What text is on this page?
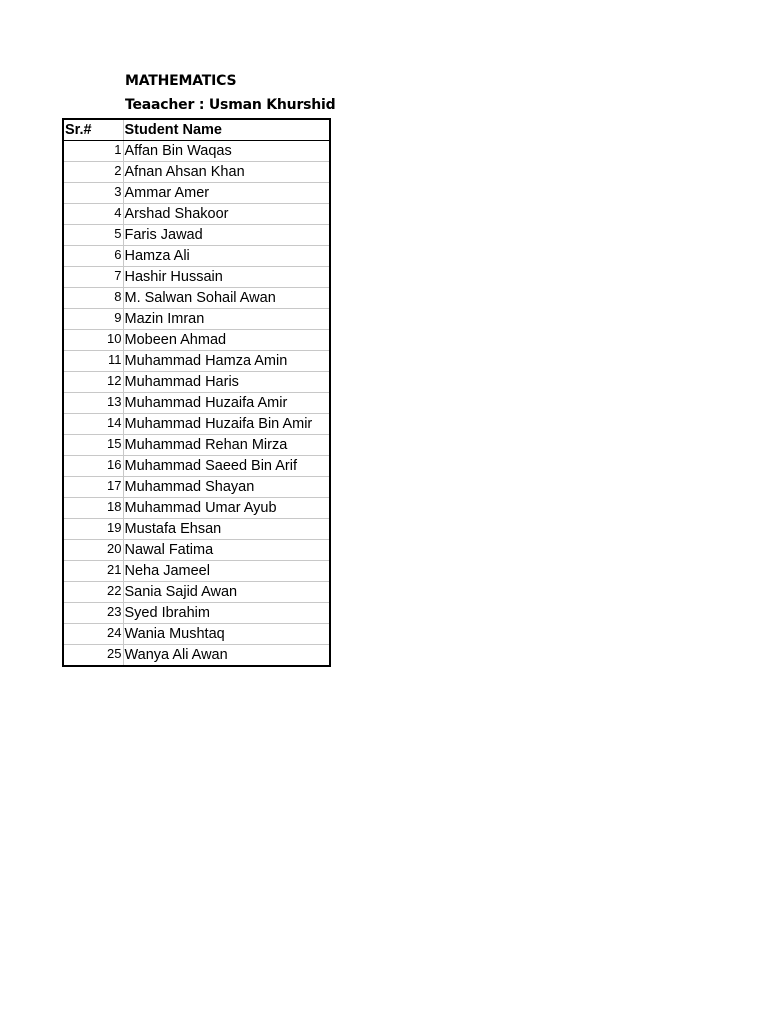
MATHEMATICS
Teaacher : Usman Khurshid
Sr.#	Student Name
1	Affan Bin Waqas
2	Afnan Ahsan Khan
3	Ammar Amer
4	Arshad Shakoor
5	Faris Jawad
6	Hamza Ali
7	Hashir Hussain
8	M. Salwan Sohail Awan
9	Mazin Imran
10	Mobeen Ahmad
11	Muhammad Hamza Amin
12	Muhammad Haris
13	Muhammad Huzaifa Amir
14	Muhammad Huzaifa Bin Amir
15	Muhammad Rehan Mirza
16	Muhammad Saeed Bin Arif
17	Muhammad Shayan
18	Muhammad Umar Ayub
19	Mustafa Ehsan
20	Nawal Fatima
21	Neha Jameel
22	Sania Sajid Awan
23	Syed Ibrahim
24	Wania Mushtaq
25	Wanya Ali Awan
